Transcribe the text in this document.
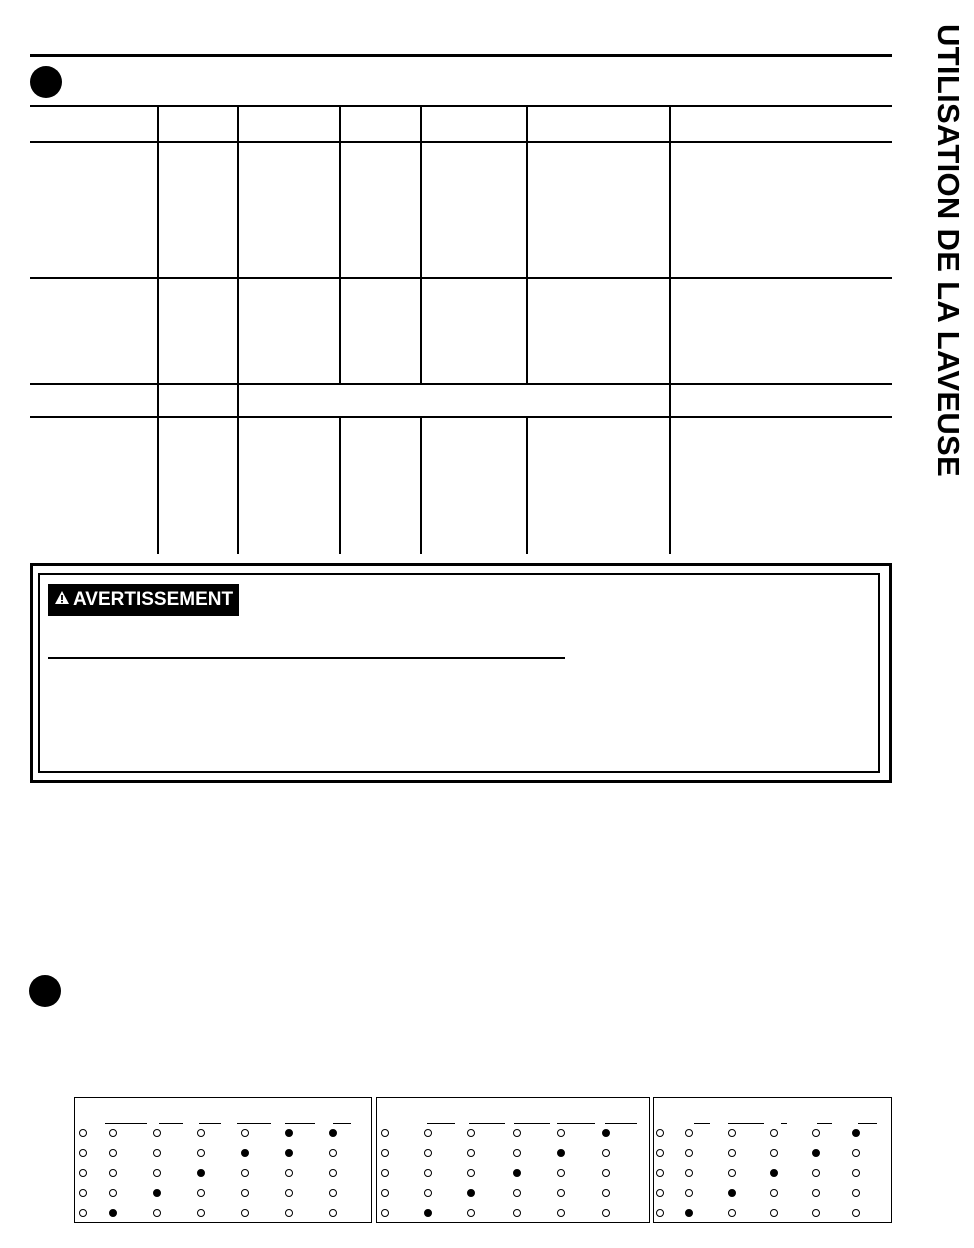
UTILISATION DE LA LAVEUSE
AVERTISSEMENT
